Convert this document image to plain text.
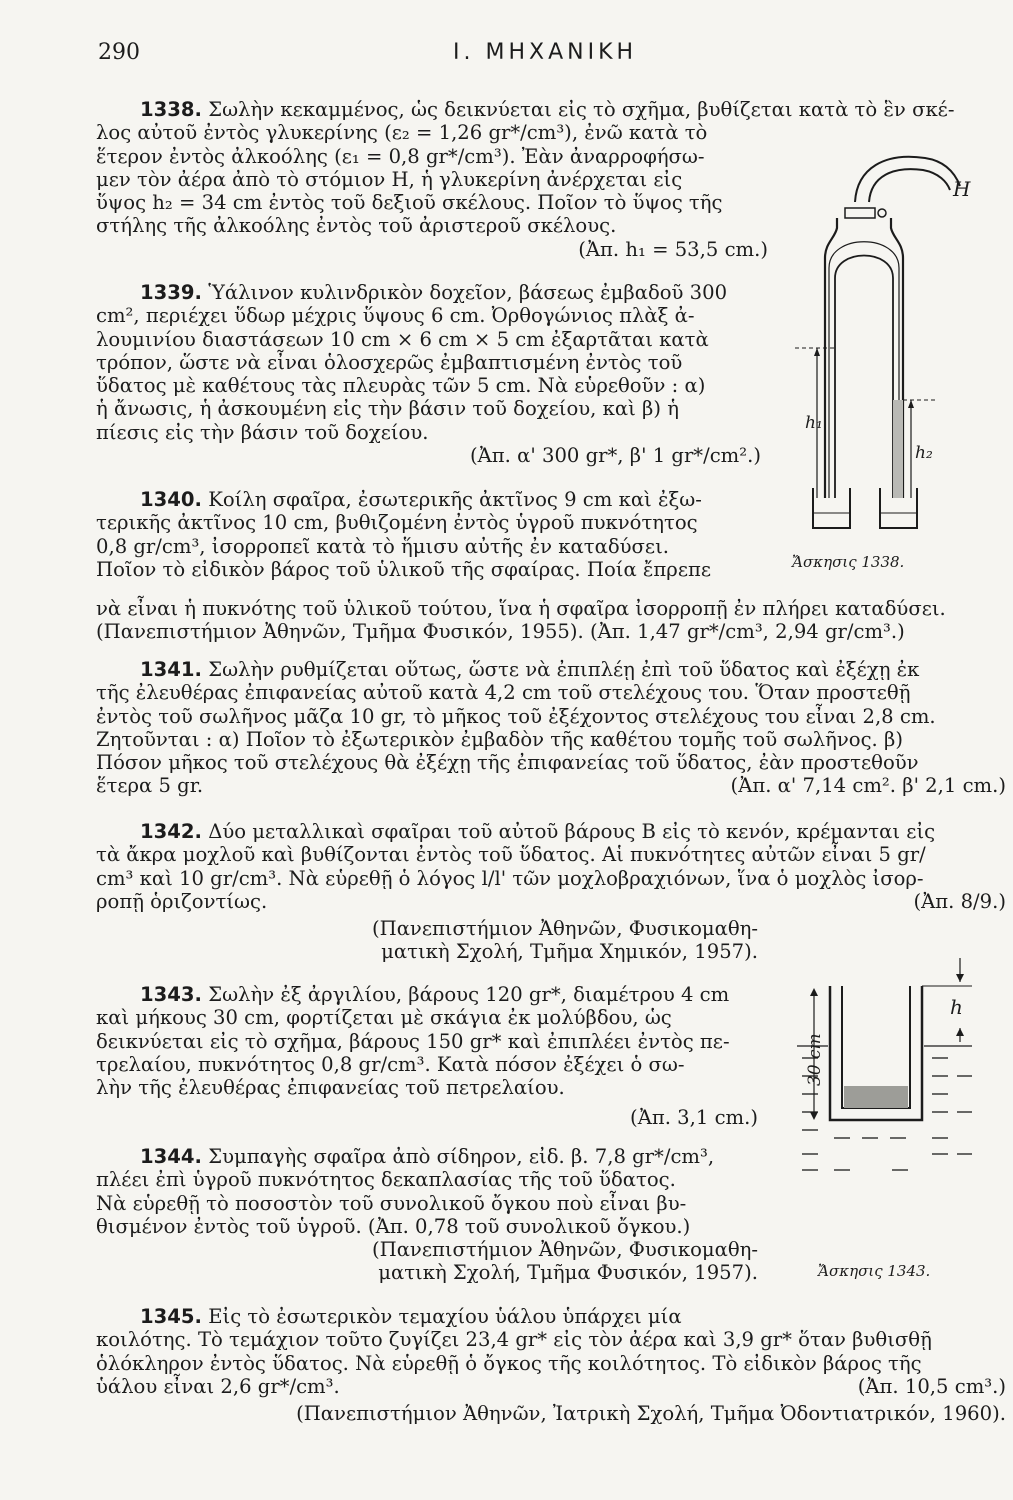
290	Ι. ΜΗΧΑΝΙΚΗ

1338. Σωλὴν κεκαμμένος, ὡς δεικνύεται εἰς τὸ σχῆμα, βυθίζεται κατὰ τὸ ἓν σκέ-

λος αὐτοῦ ἐντὸς γλυκερίνης (ε₂ = 1,26 gr*/cm³), ἐνῶ κατὰ τὸ

ἕτερον ἐντὸς ἀλκοόλης (ε₁ = 0,8 gr*/cm³). Ἐὰν ἀναρροφήσω-

μεν τὸν ἀέρα ἀπὸ τὸ στόμιον Η, ἡ γλυκερίνη ἀνέρχεται εἰς

ὕψος h₂ = 34 cm ἐντὸς τοῦ δεξιοῦ σκέλους. Ποῖον τὸ ὕψος τῆς

στήλης τῆς ἀλκοόλης ἐντὸς τοῦ ἀριστεροῦ σκέλους.

(Ἀπ. h₁ = 53,5 cm.)

1339. Ὑάλινον κυλινδρικὸν δοχεῖον, βάσεως ἐμβαδοῦ 300

cm², περιέχει ὕδωρ μέχρις ὕψους 6 cm. Ὀρθογώνιος πλὰξ ἀ-

λουμινίου διαστάσεων 10 cm × 6 cm × 5 cm ἐξαρτᾶται κατὰ

τρόπον, ὥστε νὰ εἶναι ὁλοσχερῶς ἐμβαπτισμένη ἐντὸς τοῦ

ὕδατος μὲ καθέτους τὰς πλευρὰς τῶν 5 cm. Νὰ εὑρεθοῦν : α)

ἡ ἄνωσις, ἡ ἀσκουμένη εἰς τὴν βάσιν τοῦ δοχείου, καὶ β) ἡ

πίεσις εἰς τὴν βάσιν τοῦ δοχείου.

(Ἀπ. α' 300 gr*, β' 1 gr*/cm².)

1340. Κοίλη σφαῖρα, ἐσωτερικῆς ἀκτῖνος 9 cm καὶ ἐξω-

τερικῆς ἀκτῖνος 10 cm, βυθιζομένη ἐντὸς ὑγροῦ πυκνότητος

0,8 gr/cm³, ἰσορροπεῖ κατὰ τὸ ἥμισυ αὐτῆς ἐν καταδύσει.

Ποῖον τὸ εἰδικὸν βάρος τοῦ ὑλικοῦ τῆς σφαίρας. Ποία ἔπρεπε

νὰ εἶναι ἡ πυκνότης τοῦ ὑλικοῦ τούτου, ἵνα ἡ σφαῖρα ἰσορροπῇ ἐν πλήρει καταδύσει.

(Πανεπιστήμιον Ἀθηνῶν, Τμῆμα Φυσικόν, 1955). (Ἀπ. 1,47 gr*/cm³, 2,94 gr/cm³.)

1341. Σωλὴν ρυθμίζεται οὕτως, ὥστε νὰ ἐπιπλέῃ ἐπὶ τοῦ ὕδατος καὶ ἐξέχῃ ἐκ

τῆς ἐλευθέρας ἐπιφανείας αὐτοῦ κατὰ 4,2 cm τοῦ στελέχους του. Ὅταν προστεθῇ

ἐντὸς τοῦ σωλῆνος μᾶζα 10 gr, τὸ μῆκος τοῦ ἐξέχοντος στελέχους του εἶναι 2,8 cm.

Ζητοῦνται : α) Ποῖον τὸ ἐξωτερικὸν ἐμβαδὸν τῆς καθέτου τομῆς τοῦ σωλῆνος. β)

Πόσον μῆκος τοῦ στελέχους θὰ ἐξέχῃ τῆς ἐπιφανείας τοῦ ὕδατος, ἐὰν προστεθοῦν

ἕτερα 5 gr.	(Ἀπ. α' 7,14 cm². β' 2,1 cm.)

1342. Δύο μεταλλικαὶ σφαῖραι τοῦ αὐτοῦ βάρους Β εἰς τὸ κενόν, κρέμανται εἰς

τὰ ἄκρα μοχλοῦ καὶ βυθίζονται ἐντὸς τοῦ ὕδατος. Αἱ πυκνότητες αὐτῶν εἶναι 5 gr/

cm³ καὶ 10 gr/cm³. Νὰ εὑρεθῇ ὁ λόγος l/l' τῶν μοχλοβραχιόνων, ἵνα ὁ μοχλὸς ἰσορ-

ροπῇ ὁριζοντίως.	(Ἀπ. 8/9.)

(Πανεπιστήμιον Ἀθηνῶν, Φυσικομαθη-

ματικὴ Σχολή, Τμῆμα Χημικόν, 1957).

1343. Σωλὴν ἐξ ἀργιλίου, βάρους 120 gr*, διαμέτρου 4 cm

καὶ μήκους 30 cm, φορτίζεται μὲ σκάγια ἐκ μολύβδου, ὡς

δεικνύεται εἰς τὸ σχῆμα, βάρους 150 gr* καὶ ἐπιπλέει ἐντὸς πε-

τρελαίου, πυκνότητος 0,8 gr/cm³. Κατὰ πόσον ἐξέχει ὁ σω-

λὴν τῆς ἐλευθέρας ἐπιφανείας τοῦ πετρελαίου.

(Ἀπ. 3,1 cm.)

1344. Συμπαγὴς σφαῖρα ἀπὸ σίδηρον, εἰδ. β. 7,8 gr*/cm³,

πλέει ἐπὶ ὑγροῦ πυκνότητος δεκαπλασίας τῆς τοῦ ὕδατος.

Νὰ εὑρεθῇ τὸ ποσοστὸν τοῦ συνολικοῦ ὄγκου ποὺ εἶναι βυ-

θισμένον ἐντὸς τοῦ ὑγροῦ. (Ἀπ. 0,78 τοῦ συνολικοῦ ὄγκου.)

(Πανεπιστήμιον Ἀθηνῶν, Φυσικομαθη-

ματικὴ Σχολή, Τμῆμα Φυσικόν, 1957).

1345. Εἰς τὸ ἐσωτερικὸν τεμαχίου ὑάλου ὑπάρχει μία

κοιλότης. Τὸ τεμάχιον τοῦτο ζυγίζει 23,4 gr* εἰς τὸν ἀέρα καὶ 3,9 gr* ὅταν βυθισθῇ

ὁλόκληρον ἐντὸς ὕδατος. Νὰ εὑρεθῇ ὁ ὄγκος τῆς κοιλότητος. Τὸ εἰδικὸν βάρος τῆς

ὑάλου εἶναι 2,6 gr*/cm³.	(Ἀπ. 10,5 cm³.)

(Πανεπιστήμιον Ἀθηνῶν, Ἰατρικὴ Σχολή, Τμῆμα Ὀδοντιατρικόν, 1960).

H
h₁
h₂
Ἄσκησις 1338.
30 cm
h
Ἄσκησις 1343.
